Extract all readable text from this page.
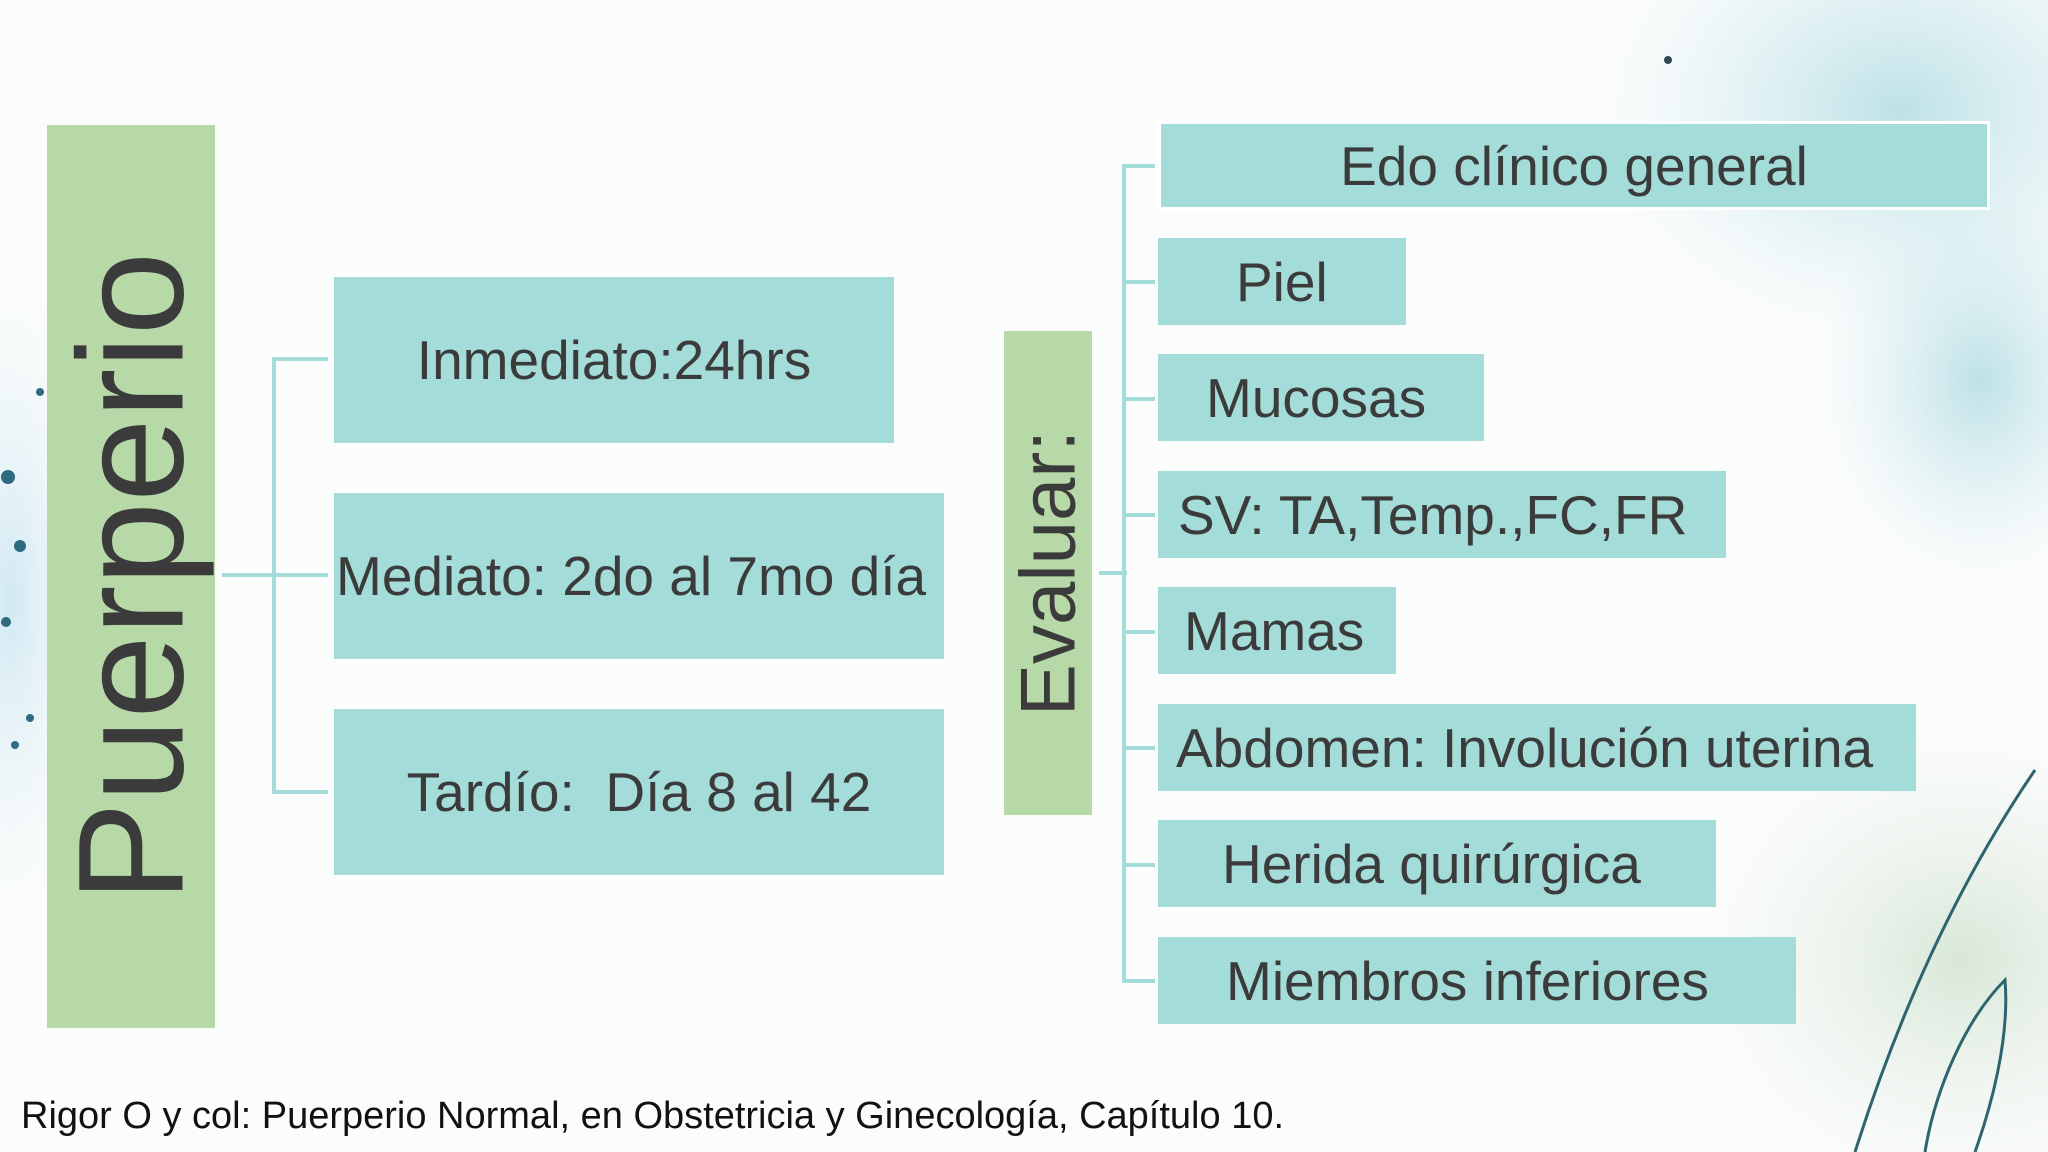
Puerperio	Inmediato:24hrs
Mediato: 2do al 7mo día
Tardío:  Día 8 al 42
Evaluar:
Edo clínico general
Piel
Mucosas
SV: TA,Temp.,FC,FR
Mamas
Abdomen: Involución uterina
Herida quirúrgica
Miembros inferiores
Rigor O y col: Puerperio Normal, en Obstetricia y Ginecología, Capítulo 10.
